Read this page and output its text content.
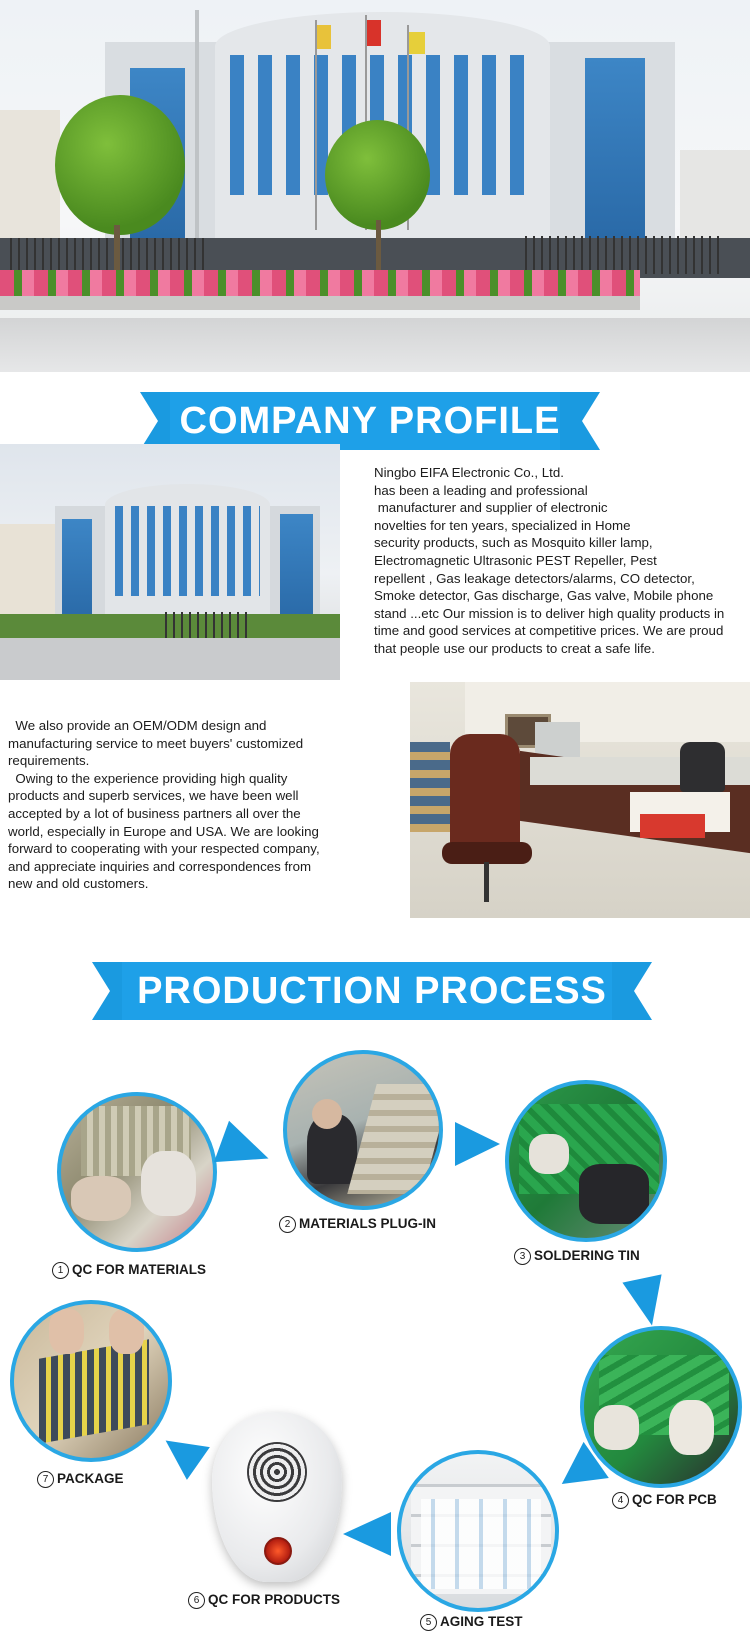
COMPANY PROFILE
Ningbo EIFA Electronic Co., Ltd.
has been a leading and professional
manufacturer and supplier of electronic
novelties for ten years, specialized in Home
security products, such as Mosquito killer lamp,
Electromagnetic Ultrasonic PEST Repeller, Pest
repellent , Gas leakage detectors/alarms, CO detector,
Smoke detector, Gas discharge, Gas valve, Mobile phone
stand ...etc Our mission is to deliver high quality products in
time and good services at competitive prices. We are proud
that people use our products to creat a safe life.
We also provide an OEM/ODM design and
manufacturing service to meet buyers' customized
requirements.
Owing to the experience providing high quality
products and superb services, we have been well
accepted by a lot of business partners all over the
world, especially in Europe and USA. We are looking
forward to cooperating with your respected company,
and appreciate inquiries and correspondences from
new and old customers.
PRODUCTION PROCESS
1 QC FOR MATERIALS
2 MATERIALS PLUG-IN
3 SOLDERING TIN
4 QC FOR PCB
5 AGING TEST
6 QC FOR PRODUCTS
7 PACKAGE
